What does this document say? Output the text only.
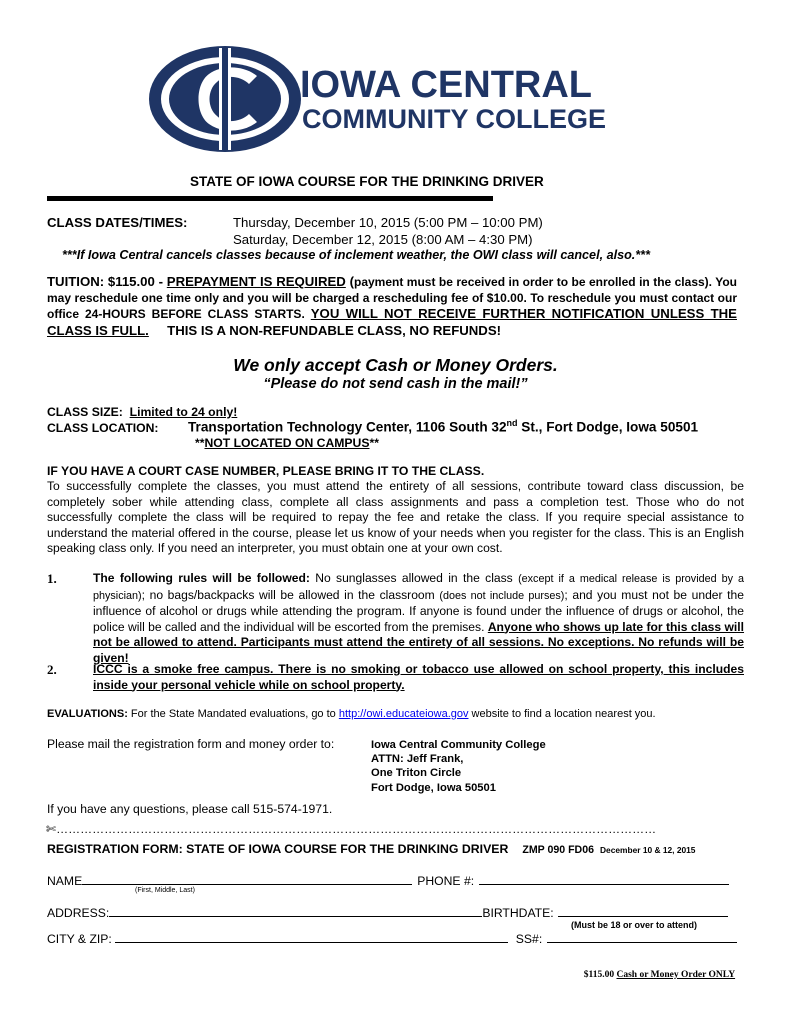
IOWA CENTRAL
COMMUNITY COLLEGE
STATE OF IOWA COURSE FOR THE DRINKING DRIVER
CLASS DATES/TIMES:	Thursday, December 10, 2015 (5:00 PM – 10:00 PM)
Saturday, December 12, 2015 (8:00 AM – 4:30 PM)
***If Iowa Central cancels classes because of inclement weather, the OWI class will cancel, also.***
TUITION: $115.00 - PREPAYMENT IS REQUIRED (payment must be received in order to be enrolled in the class). You may reschedule one time only and you will be charged a rescheduling fee of $10.00. To reschedule you must contact our office 24-HOURS BEFORE CLASS STARTS. YOU WILL NOT RECEIVE FURTHER NOTIFICATION UNLESS THE CLASS IS FULL.     THIS IS A NON-REFUNDABLE CLASS, NO REFUNDS!
We only accept Cash or Money Orders.
“Please do not send cash in the mail!”
CLASS SIZE:  Limited to 24 only!
CLASS LOCATION: Transportation Technology Center, 1106 South 32nd St., Fort Dodge, Iowa 50501
**NOT LOCATED ON CAMPUS**
IF YOU HAVE A COURT CASE NUMBER, PLEASE BRING IT TO THE CLASS.

To successfully complete the classes, you must attend the entirety of all sessions, contribute toward class discussion, be completely sober while attending class, complete all class assignments and pass a completion test. Those who do not successfully complete the class will be required to repay the fee and retake the class. If you require special assistance to understand the material offered in the course, please let us know of your needs when you register for the class. This is an English speaking class only. If you need an interpreter, you must obtain one at your own cost.

1.	The following rules will be followed: No sunglasses allowed in the class (except if a medical release is provided by a physician); no bags/backpacks will be allowed in the classroom (does not include purses); and you must not be under the influence of alcohol or drugs while attending the program. If anyone is found under the influence of drugs or alcohol, the police will be called and the individual will be escorted from the premises. Anyone who shows up late for this class will not be allowed to attend. Participants must attend the entirety of all sessions. No exceptions. No refunds will be given!

2.	ICCC is a smoke free campus. There is no smoking or tobacco use allowed on school property, this includes inside your personal vehicle while on school property.

EVALUATIONS: For the State Mandated evaluations, go to http://owi.educateiowa.gov website to find a location nearest you.
Please mail the registration form and money order to:	Iowa Central Community College
ATTN: Jeff Frank,
One Triton Circle
Fort Dodge, Iowa 50501
If you have any questions, please call 515-574-1971.
✄……………………………………………………………………………………………………………………………………
REGISTRATION FORM: STATE OF IOWA COURSE FOR THE DRINKING DRIVER ZMP 090 FD06 December 10 & 12, 2015
NAME	PHONE #:
(First, Middle, Last)
ADDRESS:	BIRTHDATE:
(Must be 18 or over to attend)
CITY & ZIP:	SS#:

$115.00 Cash or Money Order ONLY
